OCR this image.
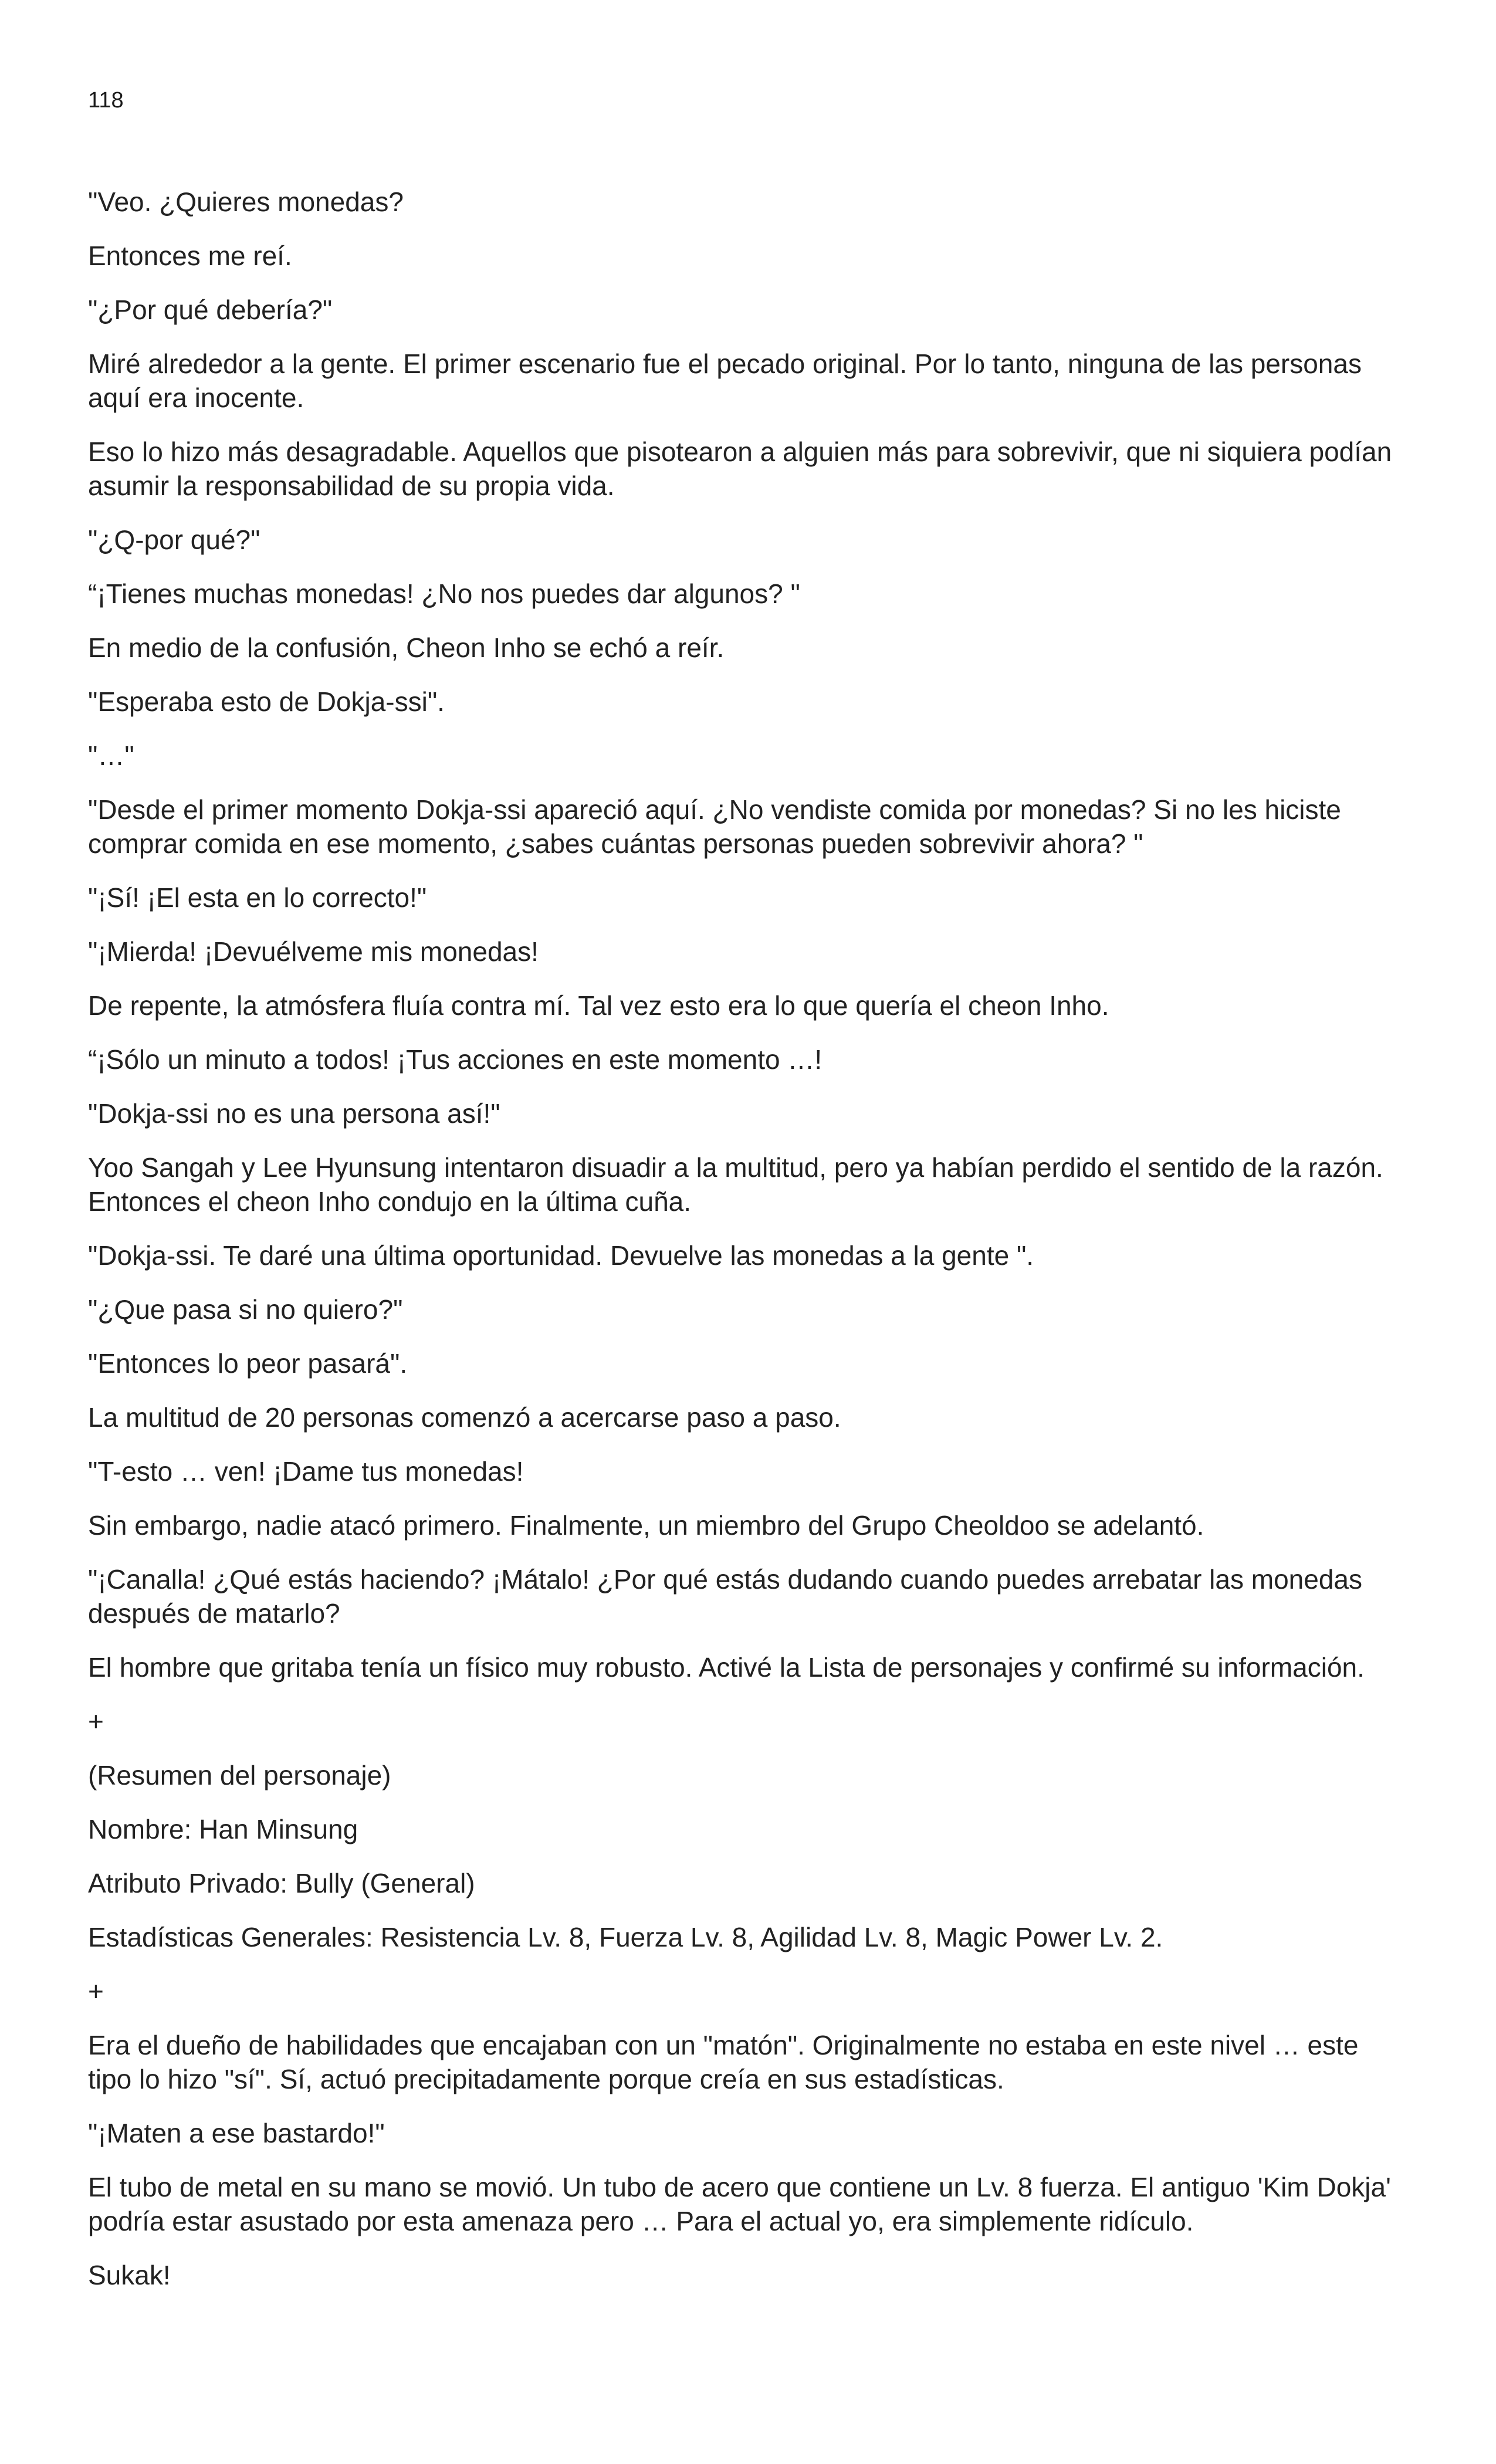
118

"Veo. ¿Quieres monedas?

Entonces me reí.

"¿Por qué debería?"

Miré alrededor a la gente. El primer escenario fue el pecado original. Por lo tanto, ninguna de las personas aquí era inocente.

Eso lo hizo más desagradable. Aquellos que pisotearon a alguien más para sobrevivir, que ni siquiera podían asumir la responsabilidad de su propia vida.

"¿Q-por qué?"

“¡Tienes muchas monedas! ¿No nos puedes dar algunos? "

En medio de la confusión, Cheon Inho se echó a reír.

"Esperaba esto de Dokja-ssi".

"…"

"Desde el primer momento Dokja-ssi apareció aquí. ¿No vendiste comida por monedas? Si no les hiciste comprar comida en ese momento, ¿sabes cuántas personas pueden sobrevivir ahora? "

"¡Sí! ¡El esta en lo correcto!"

"¡Mierda! ¡Devuélveme mis monedas!

De repente, la atmósfera fluía contra mí. Tal vez esto era lo que quería el cheon Inho.

“¡Sólo un minuto a todos! ¡Tus acciones en este momento …!

"Dokja-ssi no es una persona así!"

Yoo Sangah y Lee Hyunsung intentaron disuadir a la multitud, pero ya habían perdido el sentido de la razón. Entonces el cheon Inho condujo en la última cuña.

"Dokja-ssi. Te daré una última oportunidad. Devuelve las monedas a la gente ".

"¿Que pasa si no quiero?"

"Entonces lo peor pasará".

La multitud de 20 personas comenzó a acercarse paso a paso.

"T-esto … ven! ¡Dame tus monedas!

Sin embargo, nadie atacó primero. Finalmente, un miembro del Grupo Cheoldoo se adelantó.

"¡Canalla! ¿Qué estás haciendo? ¡Mátalo! ¿Por qué estás dudando cuando puedes arrebatar las monedas después de matarlo?

El hombre que gritaba tenía un físico muy robusto. Activé la Lista de personajes y confirmé su información.

+

(Resumen del personaje)

Nombre: Han Minsung

Atributo Privado: Bully (General)

Estadísticas Generales: Resistencia Lv. 8, Fuerza Lv. 8, Agilidad Lv. 8, Magic Power Lv. 2.

+

Era el dueño de habilidades que encajaban con un "matón". Originalmente no estaba en este nivel … este tipo lo hizo "sí". Sí, actuó precipitadamente porque creía en sus estadísticas.

"¡Maten a ese bastardo!"

El tubo de metal en su mano se movió. Un tubo de acero que contiene un Lv. 8 fuerza. El antiguo 'Kim Dokja' podría estar asustado por esta amenaza pero … Para el actual yo, era simplemente ridículo.

Sukak!
